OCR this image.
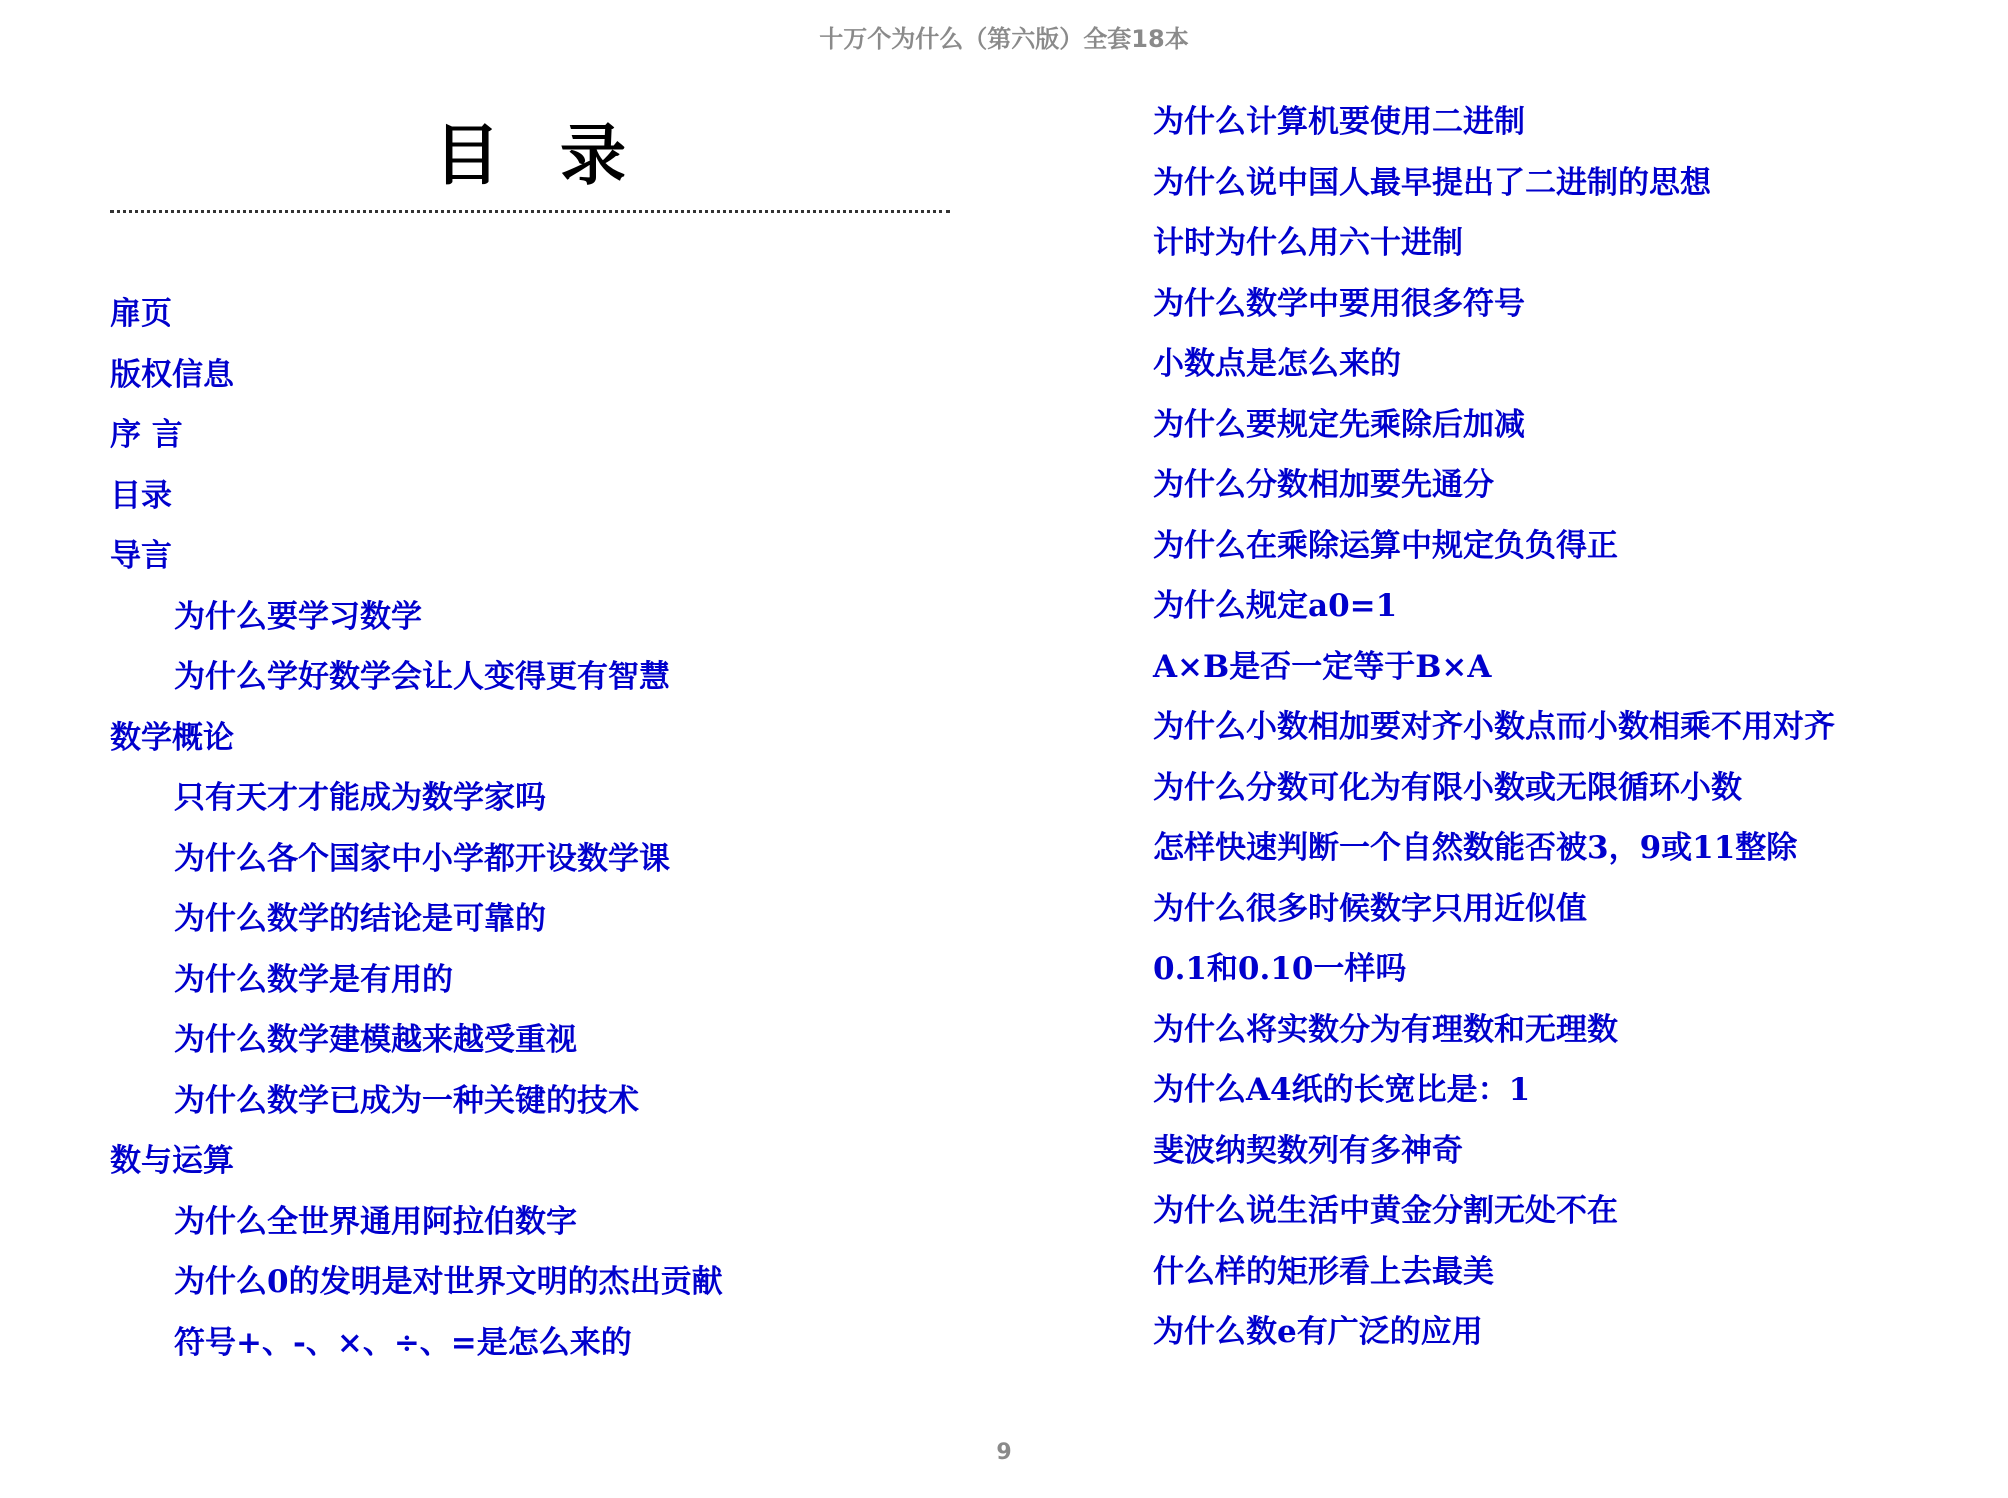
十万个为什么（第六版）全套18本
目录
扉页
版权信息
序 言
目录
导言
为什么要学习数学
为什么学好数学会让人变得更有智慧
数学概论
只有天才才能成为数学家吗
为什么各个国家中小学都开设数学课
为什么数学的结论是可靠的
为什么数学是有用的
为什么数学建模越来越受重视
为什么数学已成为一种关键的技术
数与运算
为什么全世界通用阿拉伯数字
为什么0的发明是对世界文明的杰出贡献
符号+、-、×、÷、=是怎么来的
为什么计算机要使用二进制
为什么说中国人最早提出了二进制的思想
计时为什么用六十进制
为什么数学中要用很多符号
小数点是怎么来的
为什么要规定先乘除后加减
为什么分数相加要先通分
为什么在乘除运算中规定负负得正
为什么规定a0=1
A×B是否一定等于B×A
为什么小数相加要对齐小数点而小数相乘不用对齐
为什么分数可化为有限小数或无限循环小数
怎样快速判断一个自然数能否被3，9或11整除
为什么很多时候数字只用近似值
0.1和0.10一样吗
为什么将实数分为有理数和无理数
为什么A4纸的长宽比是：1
斐波纳契数列有多神奇
为什么说生活中黄金分割无处不在
什么样的矩形看上去最美
为什么数e有广泛的应用
9
